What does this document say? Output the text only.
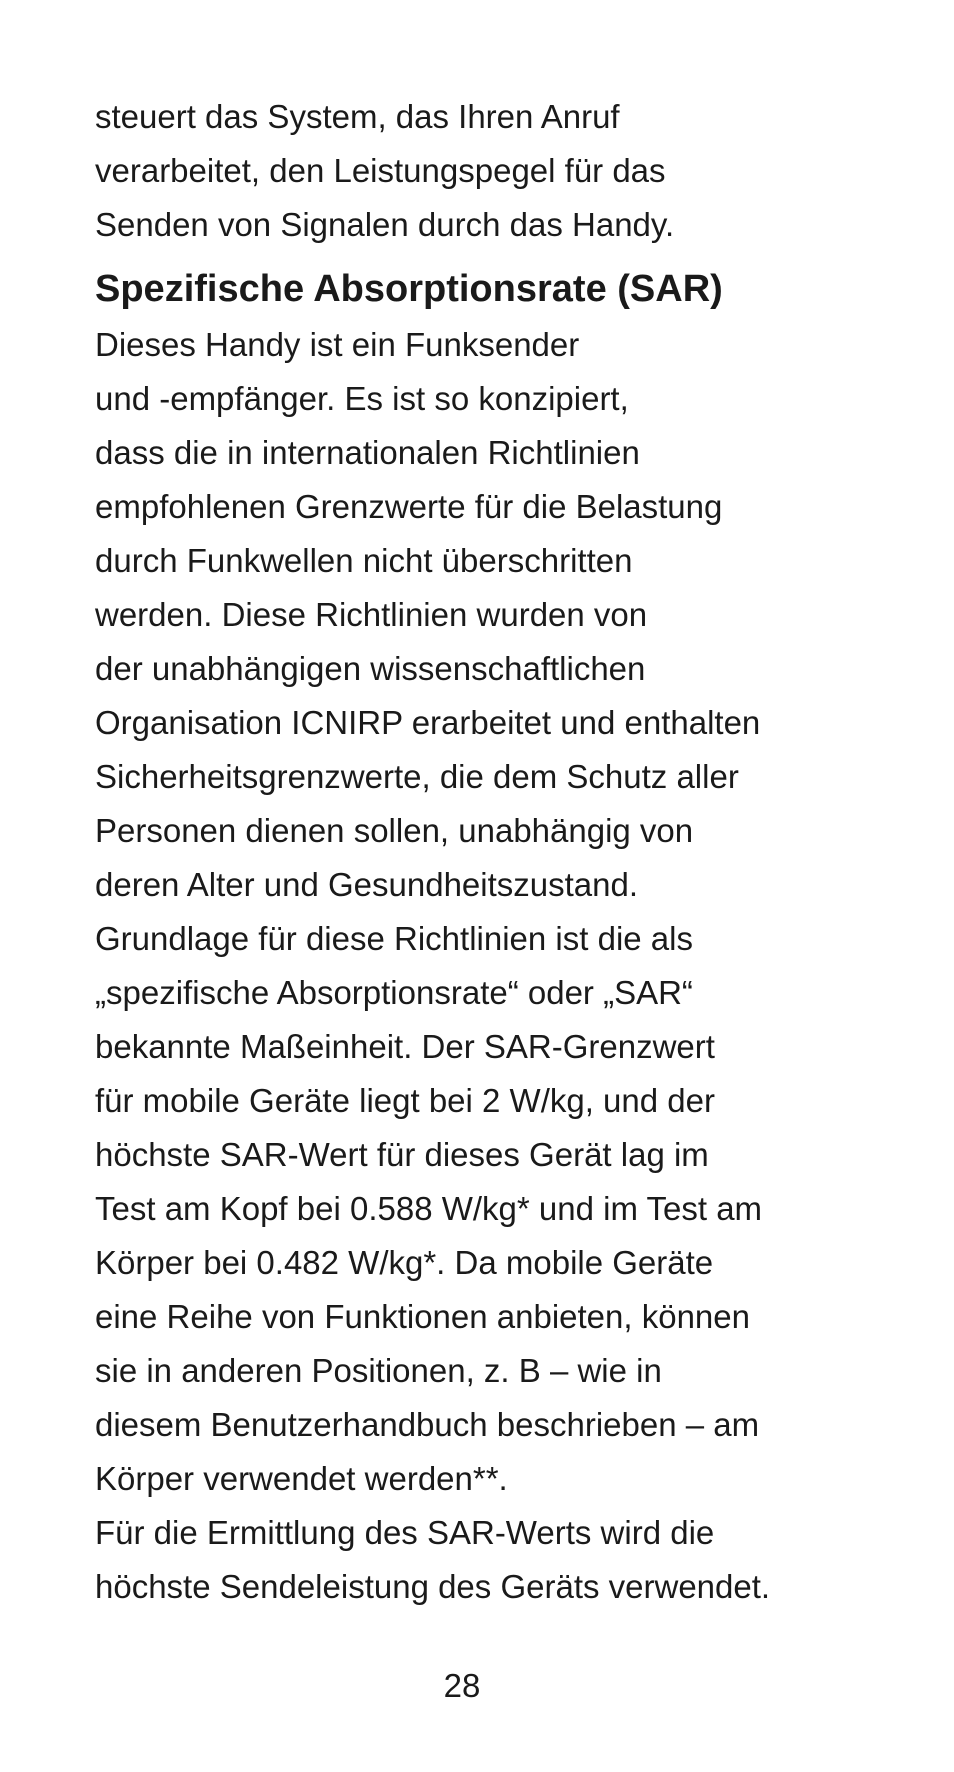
steuert das System, das Ihren Anruf
verarbeitet, den Leistungspegel für das
Senden von Signalen durch das Handy.
Spezifische Absorptionsrate (SAR)
Dieses Handy ist ein Funksender
und -empfänger. Es ist so konzipiert,
dass die in internationalen Richtlinien
empfohlenen Grenzwerte für die Belastung
durch Funkwellen nicht überschritten
werden. Diese Richtlinien wurden von
der unabhängigen wissenschaftlichen
Organisation ICNIRP erarbeitet und enthalten
Sicherheitsgrenzwerte, die dem Schutz aller
Personen dienen sollen, unabhängig von
deren Alter und Gesundheitszustand.
Grundlage für diese Richtlinien ist die als
„spezifische Absorptionsrate“ oder „SAR“
bekannte Maßeinheit. Der SAR-Grenzwert
für mobile Geräte liegt bei 2 W/kg, und der
höchste SAR-Wert für dieses Gerät lag im
Test am Kopf bei 0.588 W/kg* und im Test am
Körper bei 0.482 W/kg*. Da mobile Geräte
eine Reihe von Funktionen anbieten, können
sie in anderen Positionen, z. B – wie in
diesem Benutzerhandbuch beschrieben – am
Körper verwendet werden**.
Für die Ermittlung des SAR-Werts wird die
höchste Sendeleistung des Geräts verwendet.
28
